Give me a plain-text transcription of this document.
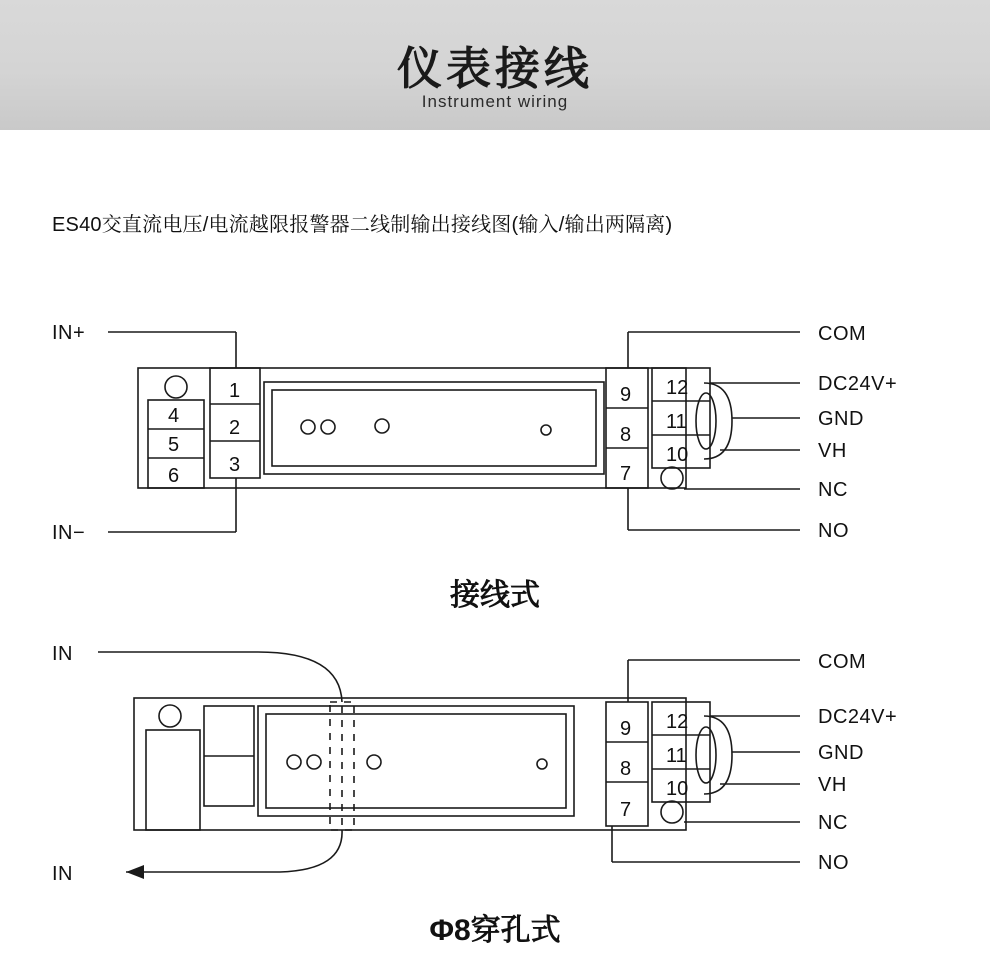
仪表接线
Instrument wiring
ES40交直流电压/电流越限报警器二线制输出接线图(输入/输出两隔离)
4
5
6
1
2
3
9
8
7
12
11
10
IN+
IN−
COM
DC24V+
GND
VH
NC
NO
接线式
9
8
7
12
11
10
IN
IN
COM
DC24V+
GND
VH
NC
NO
Φ8穿孔式
